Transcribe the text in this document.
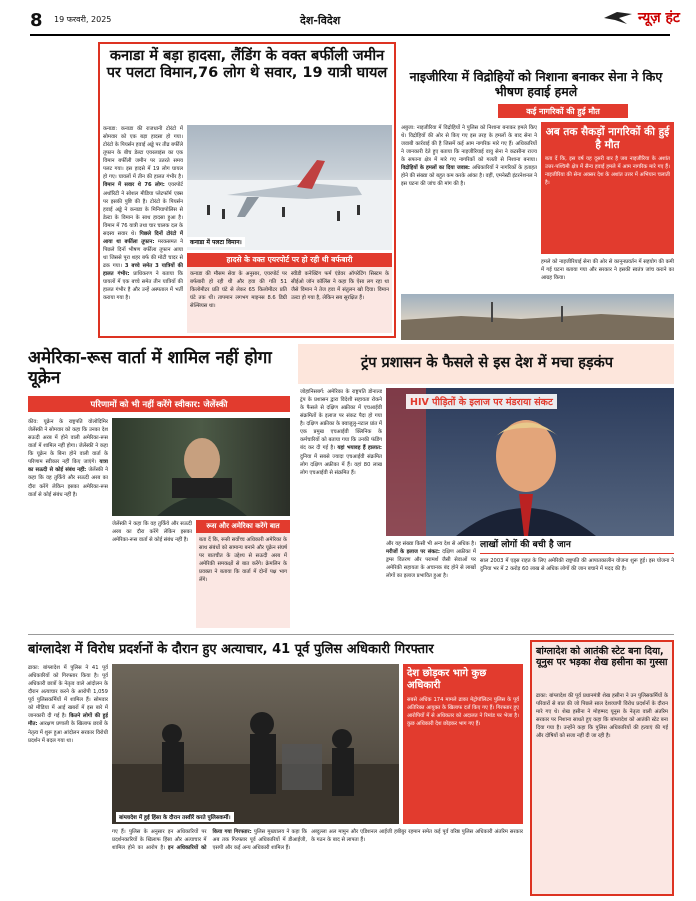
8 19 फरवरी, 2025	देश-विदेश	न्यूज़ हंट
कनाडा में बड़ा हादसा, लैंडिंग के वक्त बर्फीली जमीन पर पलटा विमान,76 लोग थे सवार, 19 यात्री घायल
कनाडा: कनाडा की राजधानी टोरंटो में सोमवार को एक बड़ा हादसा हो गया। टोरंटो के पियर्सन हवाई अड्डे पर तीव्र बर्फीले तूफान के बीच डेल्टा एयरलाइंस का एक विमान बर्फीली जमीन पर उतरते समय पलट गया। इस हादसे में 19 लोग घायल हो गए। घायलों में तीन की हालत गंभीर है। विमान में सवार थे 76 लोग: एयरपोर्ट अथॉरिटी ने सोशल मीडिया प्लेटफॉर्म एक्स पर इसकी पुष्टि की है। टोरंटो के पियर्सन हवाई अड्डे ने कनाडा के मिनियापोलिस से डेल्टा के विमान के साथ हादसा हुआ है। विमान में 76 यात्री तथा चार चालक दल के सदस्य सवार थे। पिछले दिनों टोरंटो में आया था बर्फीला तूफान: मरकसमत ने पिछले दिनों भीषण बर्फीला तूफान आया था जिससे पूरा शहर बर्फ की मोटी चादर से ढक गया। 3 बच्चे समेत 3 यात्रियों की हालत गंभीर: प्राधिकरण ने बताया कि घायलों में एक बच्चे समेत तीन यात्रियों की हालत गंभीर है और उन्हें अस्पताल में भर्ती कराया गया है।
कनाडा में पलटा विमान।
हादसे के वक्त एयरपोर्ट पर हो रही थी बर्फबारी
कनाडा की मौसम सेवा के अनुसार, एयरपोर्ट पर बर्फबारी हो रही थी और हवा की गति 51 किलोमीटर प्रति घंटे से लेकर 65 किलोमीटर प्रति घंटे तक थी। तापमान लगभग माइनस 8.6 डिग्री सेल्सियस था।
स्वीडी कनेक्टिंग फर्म एंडेवर ऑपरेटिंग सिस्टम के सीईओ जॉन कॉलिंस ने कहा कि ऐसा लग रहा था जैसे विमान ने तेज हवा में संतुलन खो दिया। विमान उल्टा हो गया है, लेकिन सब सुरक्षित हैं।
नाइजीरिया में विद्रोहियों को निशाना बनाकर सेना ने किए भीषण हवाई हमले
कई नागरिकों की हुई मौत
अबुजा: नाइजीरिया में विद्रोहियों ने पुलिस को निशाना बनाकर हमले किए थे। विद्रोहियों की ओर से किए गए इस तरह के हमलों के बाद सेना ने जवाबी कार्रवाई की है जिसमें कई आम नागरिक मारे गए हैं। अधिकारियों ने जानकारी देते हुए बताया कि नाइजीरियाई वायु सेना ने कटसीना राज्य के सफाना क्षेत्र में मारे गए नागरिकों को गलती से निशाना बनाया। विद्रोहियों के हमलों का दिया जवाब: अधिकारियों ने नागरिकों के हताहत होने की संख्या को बहुत कम करके आंका है। वहीं, एमनेस्टी इंटरनेशनल ने इस घटना की जांच की मांग की है।
अब तक सैकड़ों नागरिकों की हुई है मौत
बता दें कि, इस वर्ष यह दूसरी बार है जब नाइजीरिया के अशांत उत्तर-पश्चिमी क्षेत्र में सैन्य हवाई हमले में आम नागरिक मारे गए हैं। नाइजीरिया की सेना अक्सर देश के अशांत उत्तर में अभियान चलाती है।
हमले को नाइजीरियाई सेना की ओर से कानूनप्रवर्तन में सहयोग की कमी में गई घटना बताया गया और सरकार ने इसकी स्वतंत्र जांच कराने का आग्रह किया।
अमेरिका-रूस वार्ता में शामिल नहीं होगा यूक्रेन
परिणामों को भी नहीं करेंगे स्वीकार: जेलेंस्की
कीव: यूक्रेन के राष्ट्रपति वोलोदिमिर जेलेंस्की ने सोमवार को कहा कि उनका देश सऊदी अरब में होने वाली अमेरिका-रूस वार्ता में शामिल नहीं होगा। जेलेंस्की ने कहा कि यूक्रेन के बिना होने वाली वार्ता के परिणाम स्वीकार नहीं किए जाएंगे। यात्रा का सऊदी से कोई संबंध नहीं: जेलेंस्की ने कहा कि वह तुर्किये और सऊदी अरब का दौरा करेंगे लेकिन इसका अमेरिका-रूस वार्ता से कोई संबंध नहीं है।
रूस और अमेरिका करेंगे बात
बता दें कि, रूसी सर्वोच्च अधिकारी अमेरिका के साथ संबंधों को सामान्य बनाने और यूक्रेन संघर्ष पर बातचीत के उद्देश्य से सऊदी अरब में अमेरिकी समकक्षों से बात करेंगे। क्रेमलिन के प्रवक्ता ने बताया कि वार्ता में दोनों पक्ष भाग लेंगे।
जेलेंस्की ने कहा कि वह तुर्किये और सऊदी अरब का दौरा करेंगे लेकिन इसका अमेरिका-रूस वार्ता से कोई संबंध नहीं है।
ट्रंप प्रशासन के फैसले से इस देश में मचा हड़कंप
जोहानिसबर्ग: अमेरिका के राष्ट्रपति डोनाल्ड ट्रंप के प्रशासन द्वारा विदेशी सहायता रोकने के फैसले से दक्षिण अफ्रीका में एचआईवी संक्रमितों के इलाज पर संकट पैदा हो गया है। दक्षिण अफ्रीका के क्वाजुलु-नटाल प्रांत में एक प्रमुख एचआईवी क्लिनिक के कर्मचारियों को बताया गया कि उनकी फंडिंग बंद कर दी गई है। यहां भयावह हैं हालात: दुनिया में सबसे ज्यादा एचआईवी संक्रमित लोग दक्षिण अफ्रीका में हैं। वहां 80 लाख लोग एचआईवी से संक्रमित हैं।
HIV पीड़ितों के इलाज पर मंडराया संकट
और यह संख्या किसी भी अन्य देश से अधिक है। मरीजों के इलाज पर संकट: दक्षिण अफ्रीका में ड्रग्स वितरण और परामर्श जैसी सेवाओं पर अमेरिकी सहायता के अचानक बंद होने से लाखों लोगों का इलाज प्रभावित हुआ है।
लाखों लोगों की बची है जान
साल 2003 में एड्स राहत के लिए अमेरिकी राष्ट्रपति की आपातकालीन योजना शुरू हुई। इस योजना ने दुनिया भर में 2 करोड़ 60 लाख से अधिक लोगों की जान बचाने में मदद की है।
बांग्लादेश में विरोध प्रदर्शनों के दौरान हुए अत्याचार, 41 पूर्व पुलिस अधिकारी गिरफ्तार
ढाका: बांग्लादेश में पुलिस ने 41 पूर्व अधिकारियों को गिरफ्तार किया है। पूर्व अधिकारी छात्रों के नेतृत्व वाले आंदोलन के दौरान अत्याचार करने के आरोपी 1,059 पूर्व पुलिसकर्मियों में शामिल हैं। सोमवार को मीडिया में आई खबरों में इस बारे में जानकारी दी गई है। कितने लोगों की हुई मौत: आरक्षण प्रणाली के खिलाफ छात्रों के नेतृत्व में शुरू हुआ आंदोलन सरकार विरोधी प्रदर्शन में बदल गया था।
बांग्लादेश में हुई हिंसा के दौरान तस्वीरें करते पुलिसकर्मी।
देश छोड़कर भागे कुछ अधिकारी
सबसे अधिक 174 मामले ढाका मेट्रोपॉलिटन पुलिस के पूर्व अतिरिक्त आयुक्त के खिलाफ दर्ज किए गए हैं। गिरफ्तार हुए आरोपियों में से अधिकतर को अदालत ने रिमांड पर भेजा है। कुछ अधिकारी देश छोड़कर भाग गए हैं।
गए हैं। पुलिस के अनुसार इन अधिकारियों पर प्रदर्शनकारियों के खिलाफ हिंसा और अत्याचार में शामिल होने का आरोप है। इन अधिकारियों को किया गया गिरफ्तार: पुलिस मुख्यालय ने कहा कि अब तक गिरफ्तार पूर्व अधिकारियों में डीआईजी, एसपी और कई अन्य अधिकारी शामिल हैं।
अब्दुल्ला अल मामुन और एडिशनल आईजी हबीबुर रहमान समेत कई पूर्व वरिष्ठ पुलिस अधिकारी अंतरिम सरकार के गठन के बाद से लापता हैं।
बांग्लादेश को आतंकी स्टेट बना दिया, यूनुस पर भड़का शेख हसीना का गुस्सा
ढाका: बांग्लादेश की पूर्व प्रधानमंत्री शेख हसीना ने उन पुलिसकर्मियों के परिवारों से बात की जो पिछले साल देशव्यापी विरोध प्रदर्शनों के दौरान मारे गए थे। शेख हसीना ने मोहम्मद यूनुस के नेतृत्व वाली अंतरिम सरकार पर निशाना साधते हुए कहा कि बांग्लादेश को आतंकी स्टेट बना दिया गया है। उन्होंने कहा कि पुलिस अधिकारियों की हत्याएं की गईं और दोषियों को सजा नहीं दी जा रही है।
